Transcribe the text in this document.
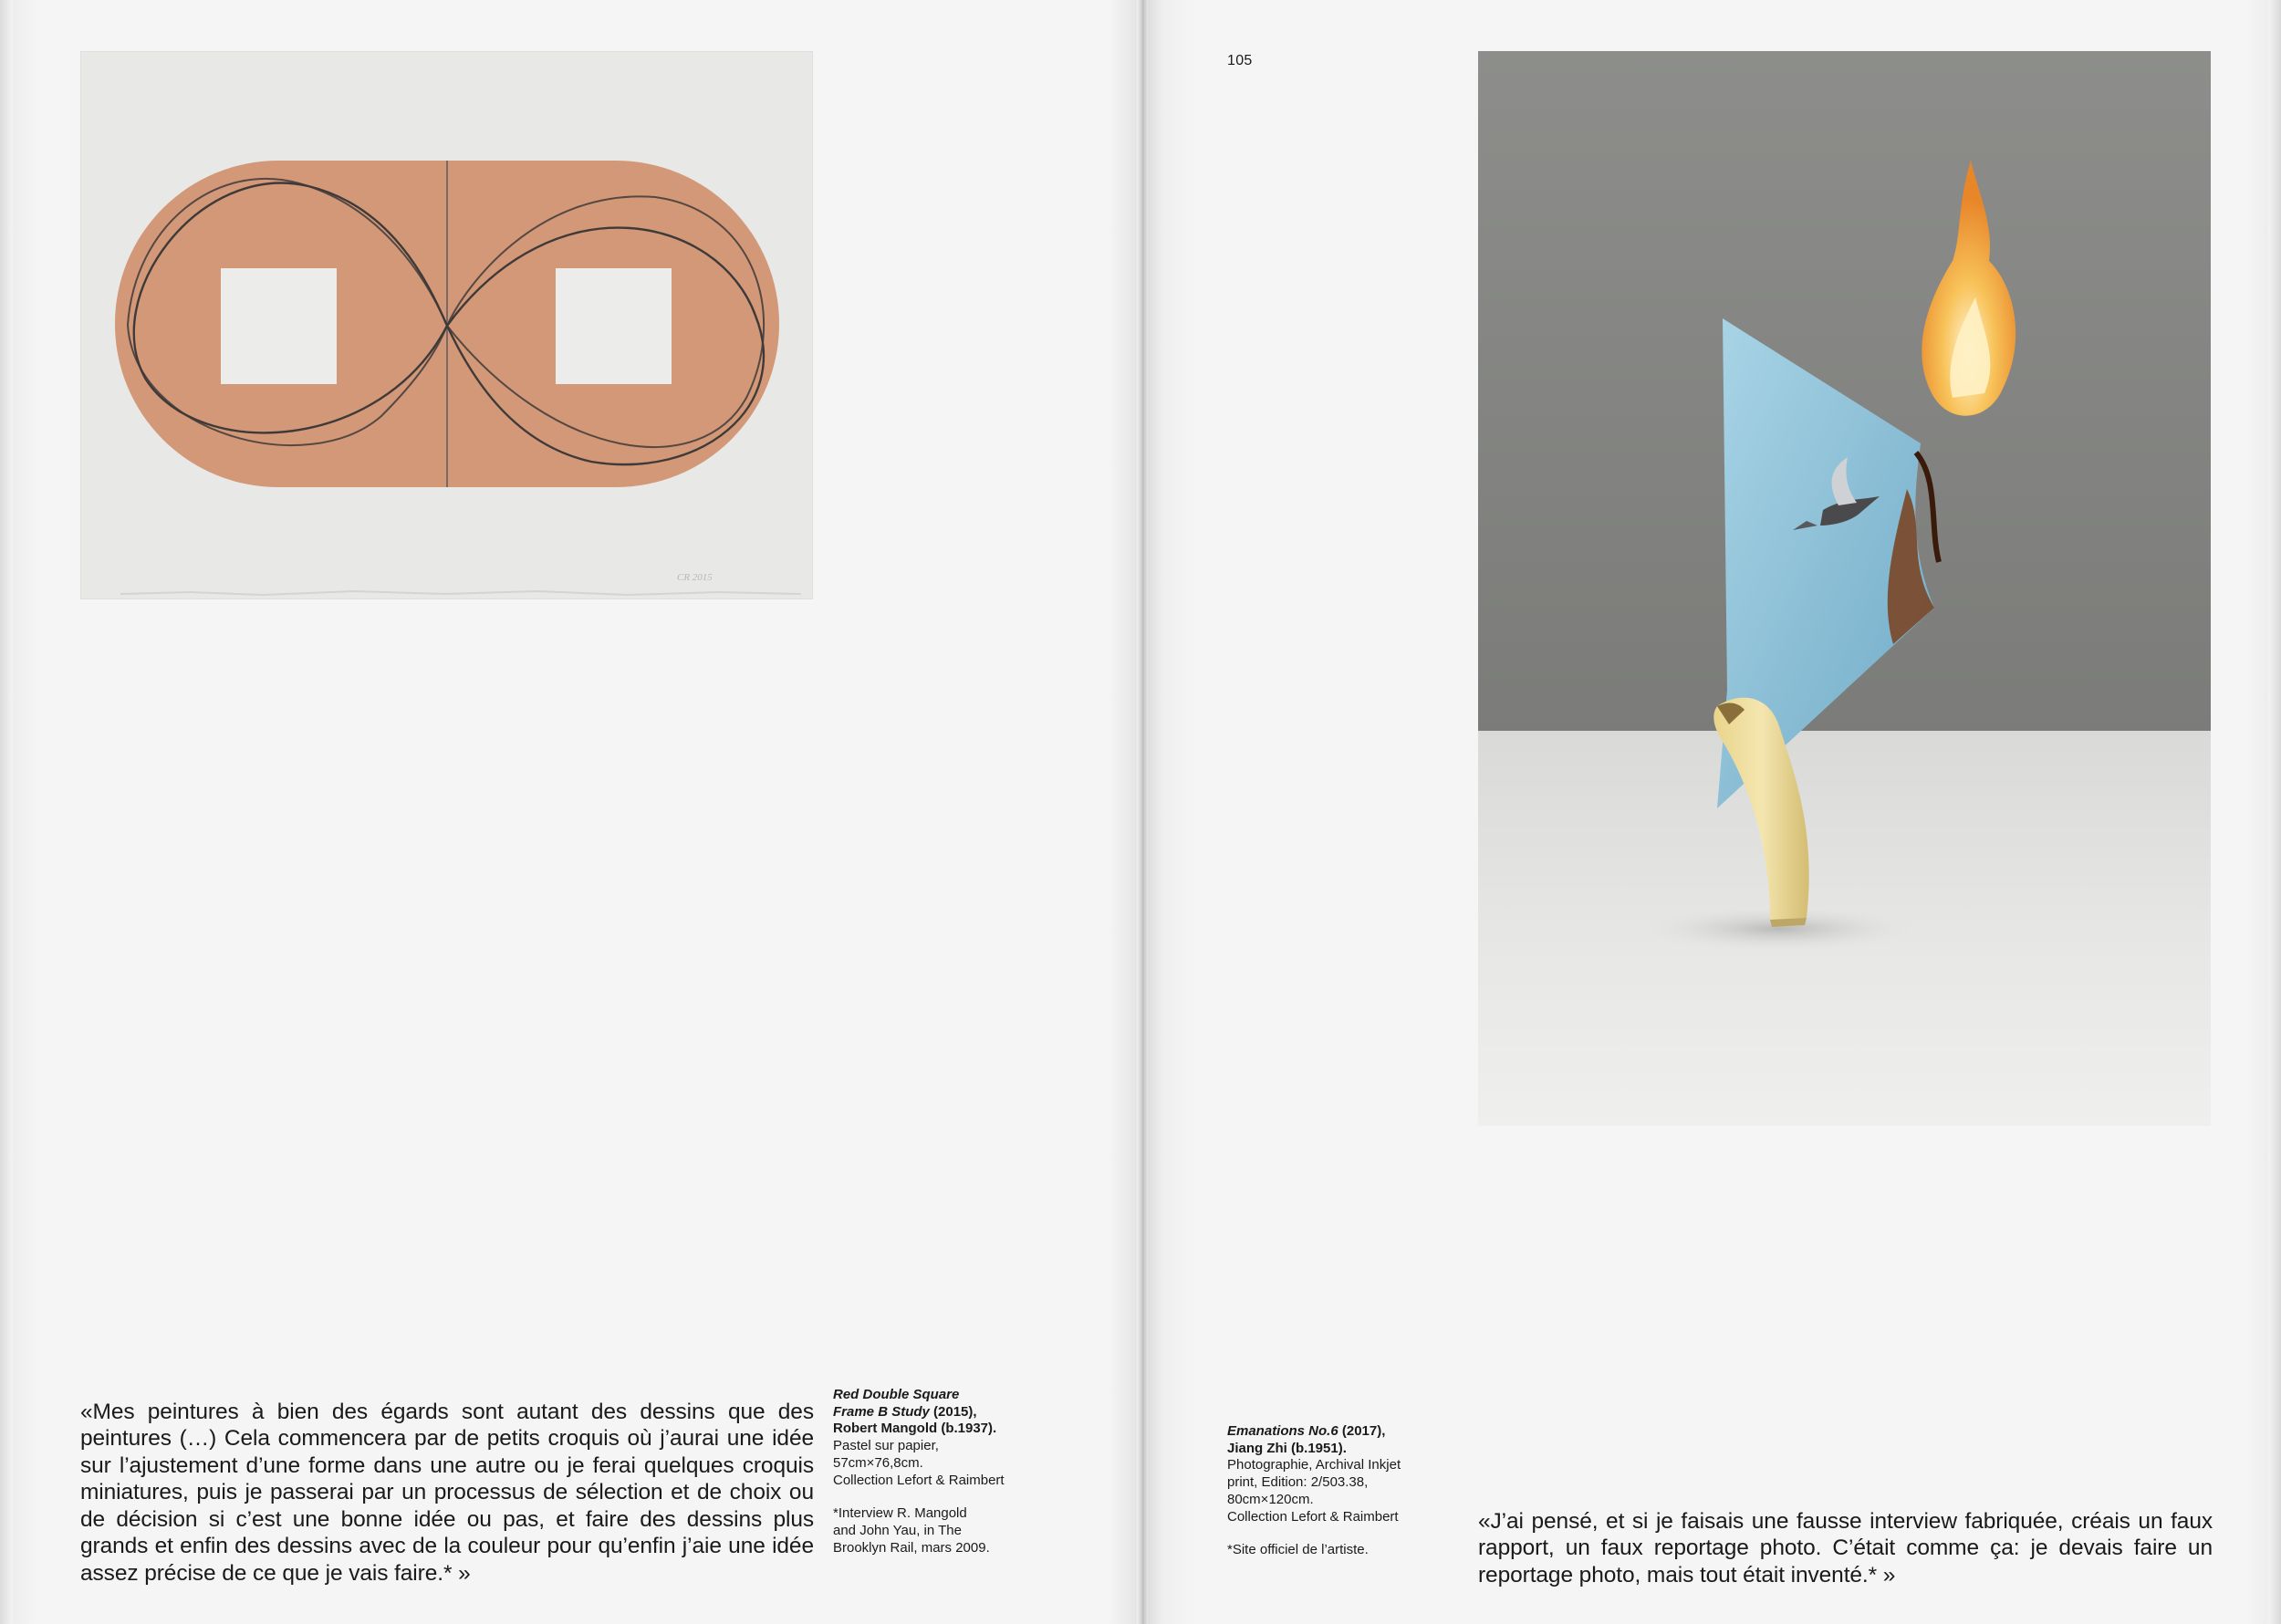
CR 2015
105

«Mes peintures à bien des égards sont autant des dessins que des peintures (…) Cela commencera par de petits croquis où j’aurai une idée sur l’ajustement d’une forme dans une autre ou je ferai quelques croquis miniatures, puis je passerai par un processus de sélection et de choix ou de décision si c’est une bonne idée ou pas, et faire des dessins plus grands et enfin des dessins avec de la couleur pour qu’enfin j’aie une idée assez précise de ce que je vais faire.* »

Red Double Square
Frame B Study (2015),
Robert Mangold (b.1937).
Pastel sur papier,
57cm×76,8cm.
Collection Lefort & Raimbert
*Interview R. Mangold
and John Yau, in The
Brooklyn Rail, mars 2009.
Emanations No.6 (2017),
Jiang Zhi (b.1951).
Photographie, Archival Inkjet
print, Edition: 2/503.38,
80cm×120cm.
Collection Lefort & Raimbert
*Site officiel de l’artiste.

«J’ai pensé, et si je faisais une fausse interview fabriquée, créais un faux rapport, un faux reportage photo. C’était comme ça: je devais faire un reportage photo, mais tout était inventé.* »
